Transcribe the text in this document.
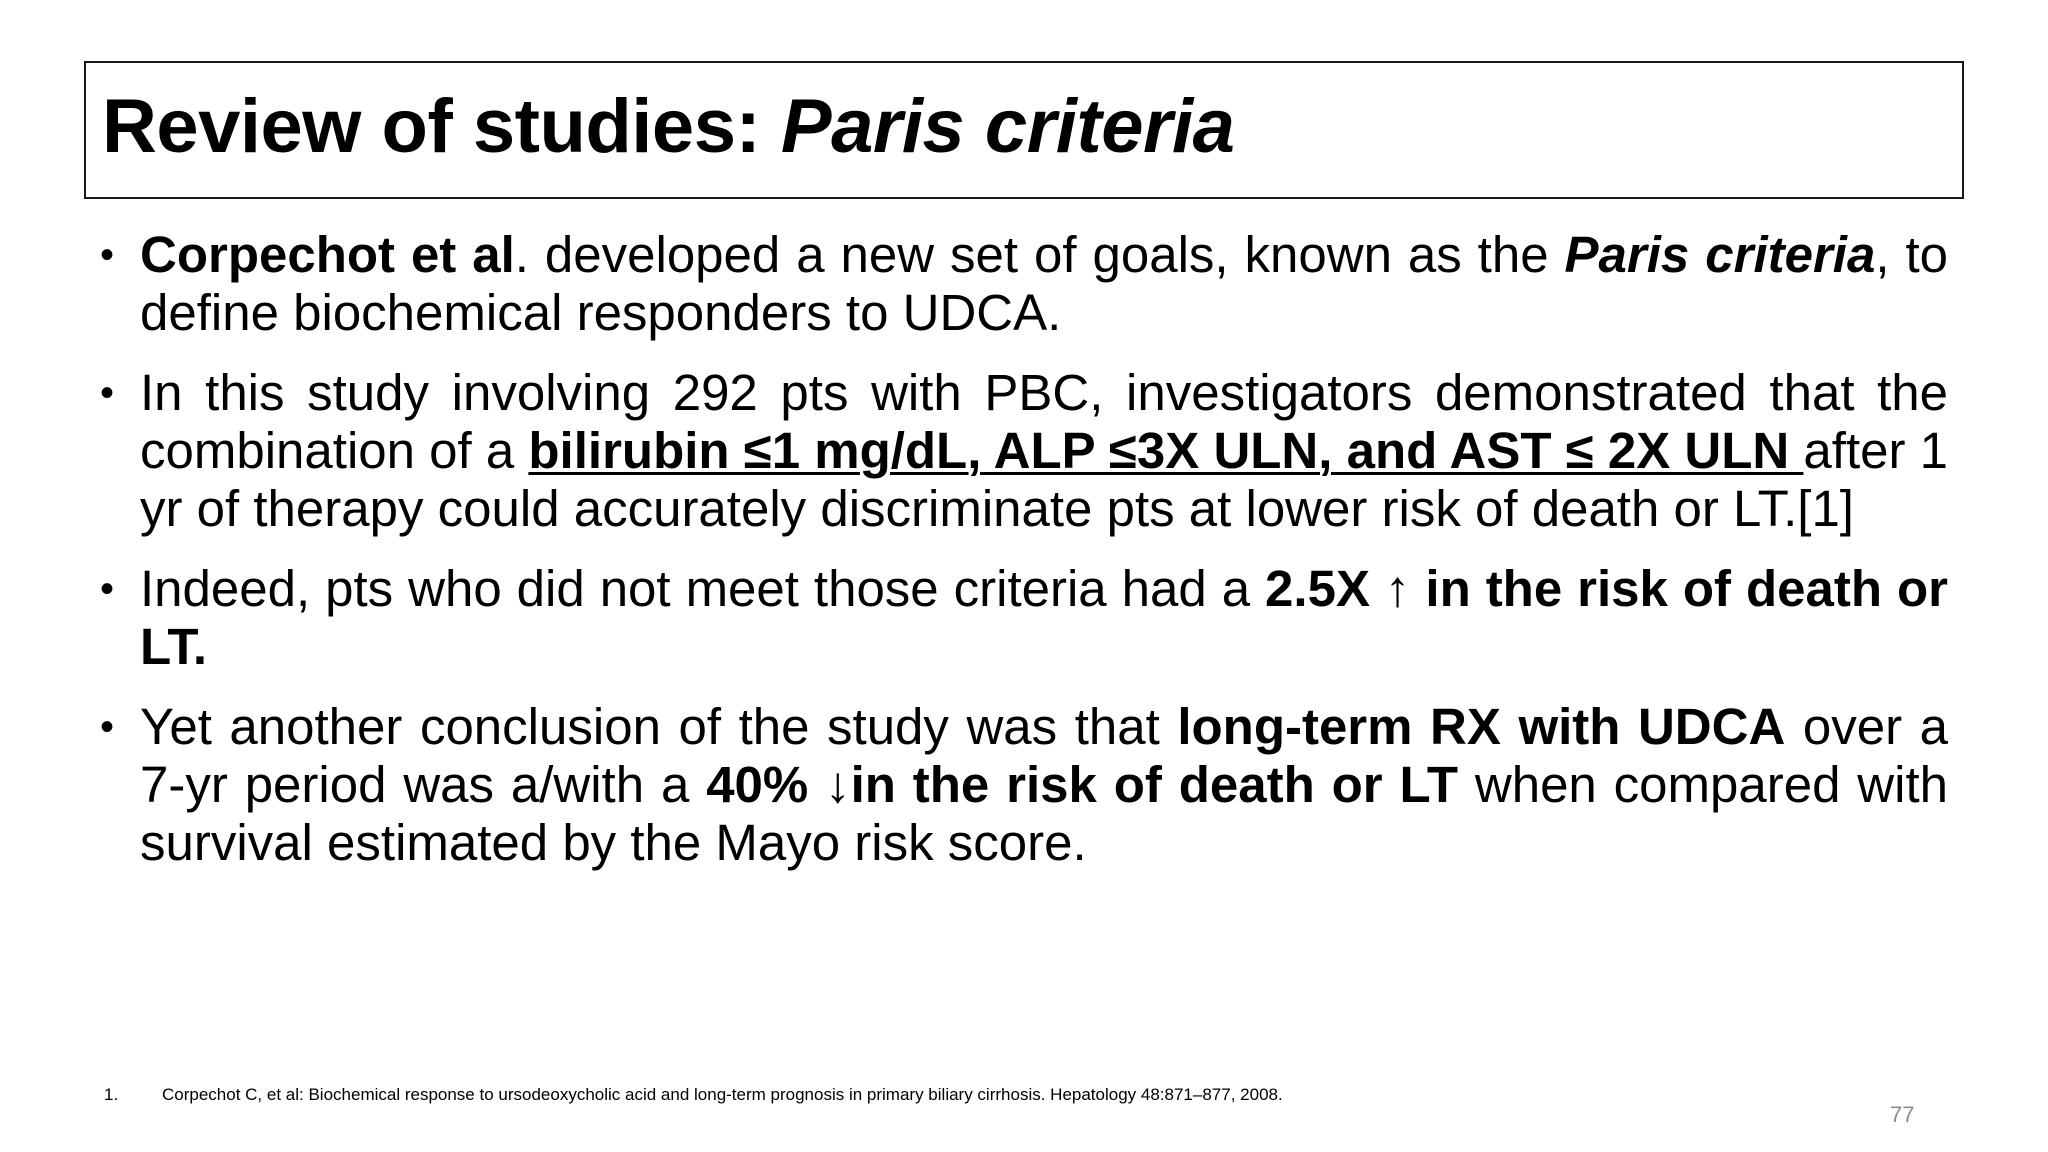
Review of studies: Paris criteria
• Corpechot et al. developed a new set of goals, known as the Paris criteria, to define biochemical responders to UDCA.
• In this study involving 292 pts with PBC, investigators demonstrated that the combination of a bilirubin ≤1 mg/dL, ALP ≤3X ULN, and AST ≤ 2X ULN after 1 yr of therapy could accurately discriminate pts at lower risk of death or LT.[1]
• Indeed, pts who did not meet those criteria had a 2.5X ↑ in the risk of death or LT.
• Yet another conclusion of the study was that long-term RX with UDCA over a 7-yr period was a/with a 40% ↓in the risk of death or LT when compared with survival estimated by the Mayo risk score.
1.	Corpechot C, et al: Biochemical response to ursodeoxycholic acid and long-term prognosis in primary biliary cirrhosis. Hepatology 48:871–877, 2008.
77
